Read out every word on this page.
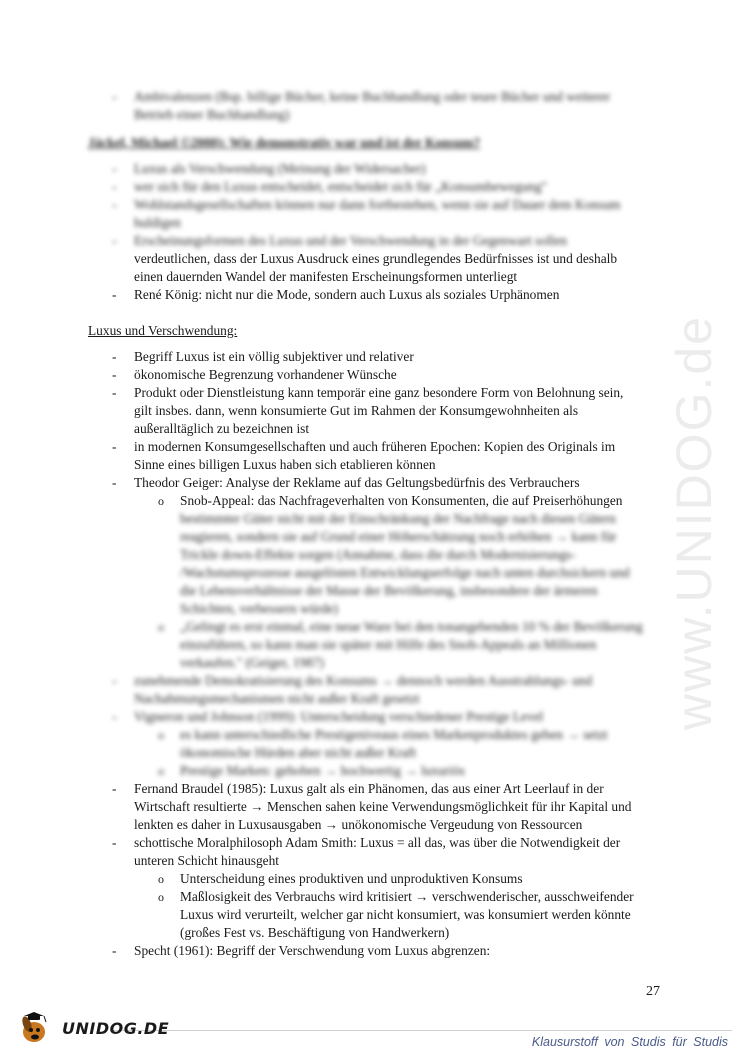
www.UNIDOG.de
- Ambivalenzen (Bsp. billige Bücher, keine Buchhandlung oder teure Bücher und weiterer
Betrieb einer Buchhandlung)
Jäckel, Michael ©2000): Wie demonstrativ war und ist der Konsum?
- Luxus als Verschwendung (Meinung der Widersacher)
- wer sich für den Luxus entscheidet, entscheidet sich für „Konsumbewegung"
- Wohlstandsgesellschaften können nur dann fortbestehen, wenn sie auf Dauer dem Konsum
huldigen
- Erscheinungsformen des Luxus und der Verschwendung in der Gegenwart sollen
verdeutlichen, dass der Luxus Ausdruck eines grundlegendes Bedürfnisses ist und deshalb
einen dauernden Wandel der manifesten Erscheinungsformen unterliegt
- René König: nicht nur die Mode, sondern auch Luxus als soziales Urphänomen
Luxus und Verschwendung:
- Begriff Luxus ist ein völlig subjektiver und relativer
- ökonomische Begrenzung vorhandener Wünsche
- Produkt oder Dienstleistung kann temporär eine ganz besondere Form von Belohnung sein,
gilt insbes. dann, wenn konsumierte Gut im Rahmen der Konsumgewohnheiten als
außeralltäglich zu bezeichnen ist
- in modernen Konsumgesellschaften und auch früheren Epochen: Kopien des Originals im
Sinne eines billigen Luxus haben sich etablieren können
- Theodor Geiger: Analyse der Reklame auf das Geltungsbedürfnis des Verbrauchers
o Snob-Appeal: das Nachfrageverhalten von Konsumenten, die auf Preiserhöhungen
bestimmter Güter nicht mit der Einschränkung der Nachfrage nach diesen Gütern
reagieren, sondern sie auf Grund einer Höherschätzung noch erhöhen → kann für
Trickle down-Effekte sorgen (Annahme, dass die durch Modernisierungs-
/Wachstumsprozesse ausgelösten Entwicklungserfolge nach unten durchsickern und
die Lebensverhältnisse der Masse der Bevölkerung, insbesondere der ärmeren
Schichten, verbessern würde)
o „Gelingt es erst einmal, eine neue Ware bei den tonangebenden 10 % der Bevölkerung
einzuführen, so kann man sie später mit Hilfe des Snob-Appeals an Millionen
verkaufen." (Geiger, 1987)
- zunehmende Demokratisierung des Konsums → dennoch werden Ausstrahlungs- und
Nachahmungsmechanismen nicht außer Kraft gesetzt
- Vigneron und Johnson (1999): Unterscheidung verschiedener Prestige Level
o es kann unterschiedliche Prestigeniveaus eines Markenproduktes geben → setzt
ökonomische Hürden aber nicht außer Kraft
o Prestige Marken: gehoben → hochwertig → luxuriös
- Fernand Braudel (1985): Luxus galt als ein Phänomen, das aus einer Art Leerlauf in der
Wirtschaft resultierte → Menschen sahen keine Verwendungsmöglichkeit für ihr Kapital und
lenkten es daher in Luxusausgaben → unökonomische Vergeudung von Ressourcen
- schottische Moralphilosoph Adam Smith: Luxus = all das, was über die Notwendigkeit der
unteren Schicht hinausgeht
o Unterscheidung eines produktiven und unproduktiven Konsums
o Maßlosigkeit des Verbrauchs wird kritisiert → verschwenderischer, ausschweifender
Luxus wird verurteilt, welcher gar nicht konsumiert, was konsumiert werden könnte
(großes Fest vs. Beschäftigung von Handwerkern)
- Specht (1961): Begriff der Verschwendung vom Luxus abgrenzen:
27
UNIDOG.DE
Klausurstoff von Studis für Studis
